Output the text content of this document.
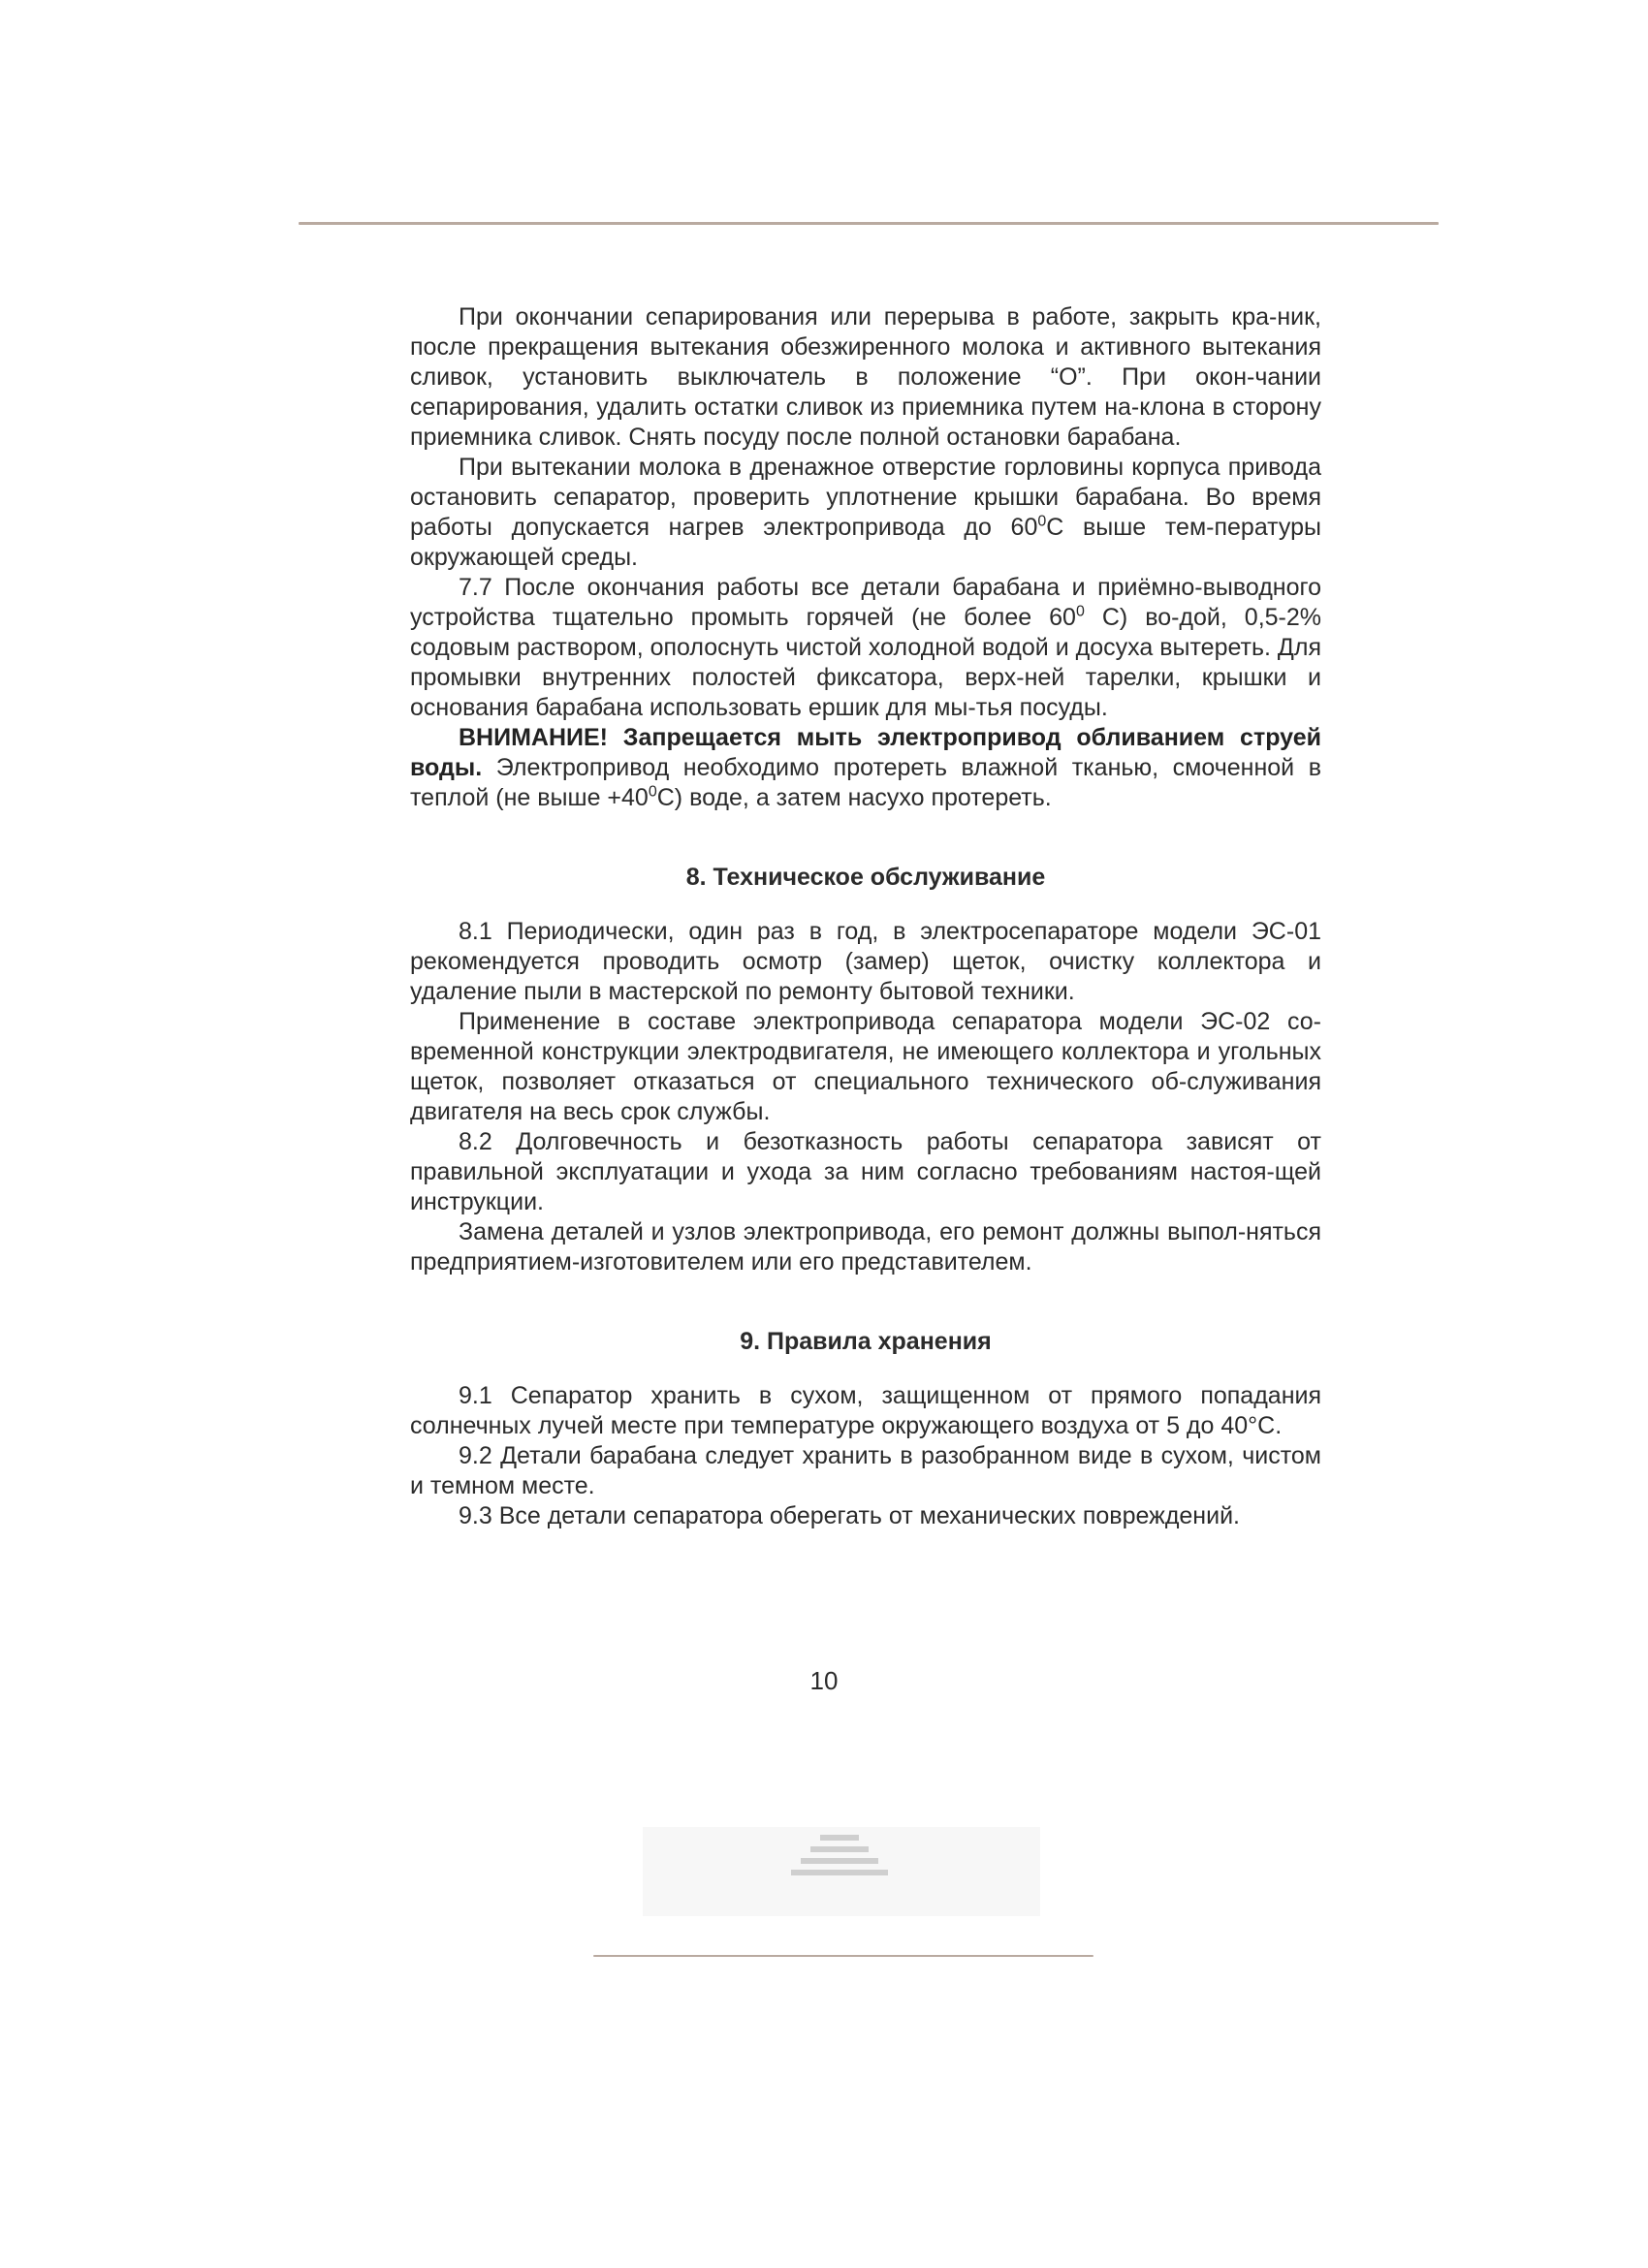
При окончании сепарирования или перерыва в работе, закрыть кра-ник, после прекращения вытекания обезжиренного молока и активного вытекания сливок, установить выключатель в положение “О”. При окон-чании сепарирования, удалить остатки сливок из приемника путем на-клона в сторону приемника сливок. Снять посуду после полной остановки барабана.

При вытекании молока в дренажное отверстие горловины корпуса привода остановить сепаратор, проверить уплотнение крышки барабана. Во время работы допускается нагрев электропривода до $60^0С$ выше тем-пературы окружающей среды.

7.7 После окончания работы все детали барабана и приёмно-выводного устройства тщательно промыть горячей (не более $60^0$ С) во-дой, 0,5-2% содовым раствором, ополоснуть чистой холодной водой и досуха вытереть. Для промывки внутренних полостей фиксатора, верх-ней тарелки, крышки и основания барабана использовать ершик для мы-тья посуды.

ВНИМАНИЕ! Запрещается мыть электропривод обливанием струей воды. Электропривод необходимо протереть влажной тканью, смоченной в теплой (не выше $+40^0С$) воде, а затем насухо протереть.

8. Техническое обслуживание

8.1 Периодически, один раз в год, в электросепараторе модели ЭС-01 рекомендуется проводить осмотр (замер) щеток, очистку коллектора и удаление пыли в мастерской по ремонту бытовой техники.

Применение в составе электропривода сепаратора модели ЭС-02 со-временной конструкции электродвигателя, не имеющего коллектора и угольных щеток, позволяет отказаться от специального технического об-служивания двигателя на весь срок службы.

8.2 Долговечность и безотказность работы сепаратора зависят от правильной эксплуатации и ухода за ним согласно требованиям настоя-щей инструкции.

Замена деталей и узлов электропривода, его ремонт должны выпол-няться предприятием-изготовителем или его представителем.

9. Правила хранения

9.1 Сепаратор хранить в сухом, защищенном от прямого попадания солнечных лучей месте при температуре окружающего воздуха от 5 до 40°С.

9.2 Детали барабана следует хранить в разобранном виде в сухом, чистом и темном месте.

9.3 Все детали сепаратора оберегать от механических повреждений.

10
